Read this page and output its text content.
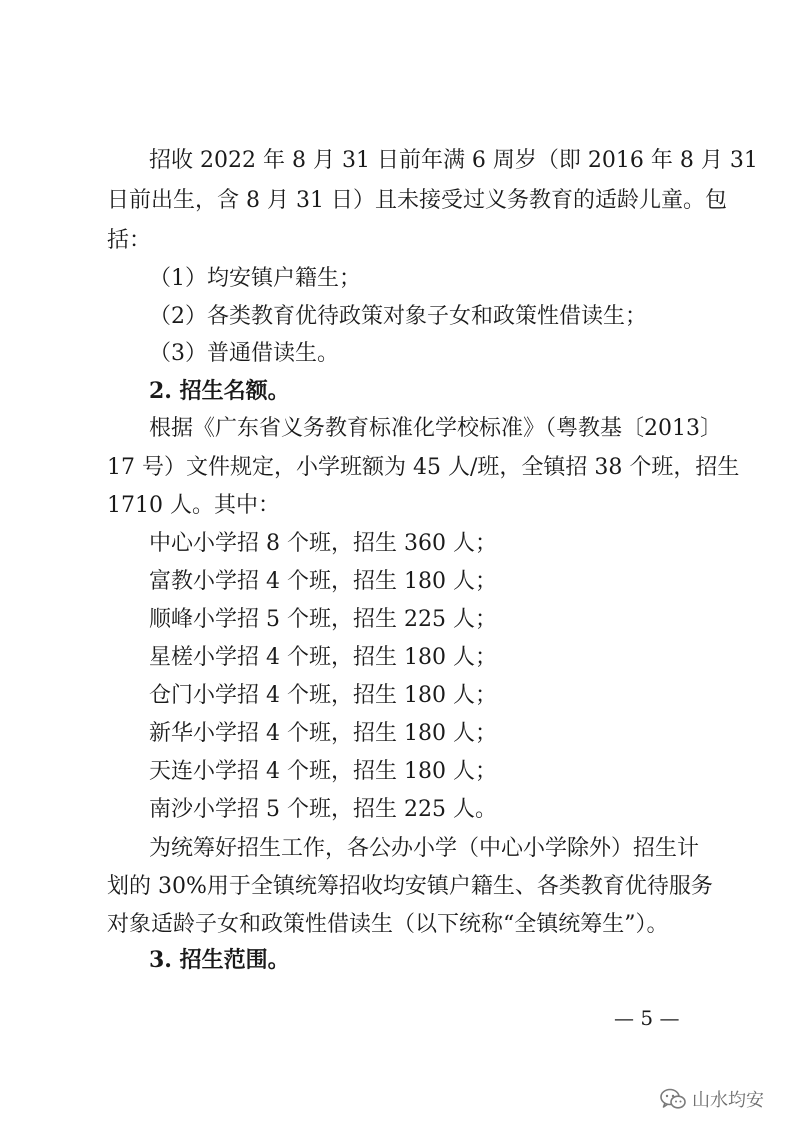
招收 2022 年 8 月 31 日前年满 6 周岁（即 2016 年 8 月 31
日前出生，含 8 月 31 日）且未接受过义务教育的适龄儿童。包
括：
（1）均安镇户籍生；
（2）各类教育优待政策对象子女和政策性借读生；
（3）普通借读生。
2. 招生名额。
根据《广东省义务教育标准化学校标准》（粤教基〔2013〕
17 号）文件规定，小学班额为 45 人/班，全镇招 38 个班，招生
1710 人。其中：
中心小学招 8 个班，招生 360 人；
富教小学招 4 个班，招生 180 人；
顺峰小学招 5 个班，招生 225 人；
星槎小学招 4 个班，招生 180 人；
仓门小学招 4 个班，招生 180 人；
新华小学招 4 个班，招生 180 人；
天连小学招 4 个班，招生 180 人；
南沙小学招 5 个班，招生 225 人。
为统筹好招生工作，各公办小学（中心小学除外）招生计
划的 30%用于全镇统筹招收均安镇户籍生、各类教育优待服务
对象适龄子女和政策性借读生（以下统称“全镇统筹生”）。
3. 招生范围。
— 5 —
山水均安
